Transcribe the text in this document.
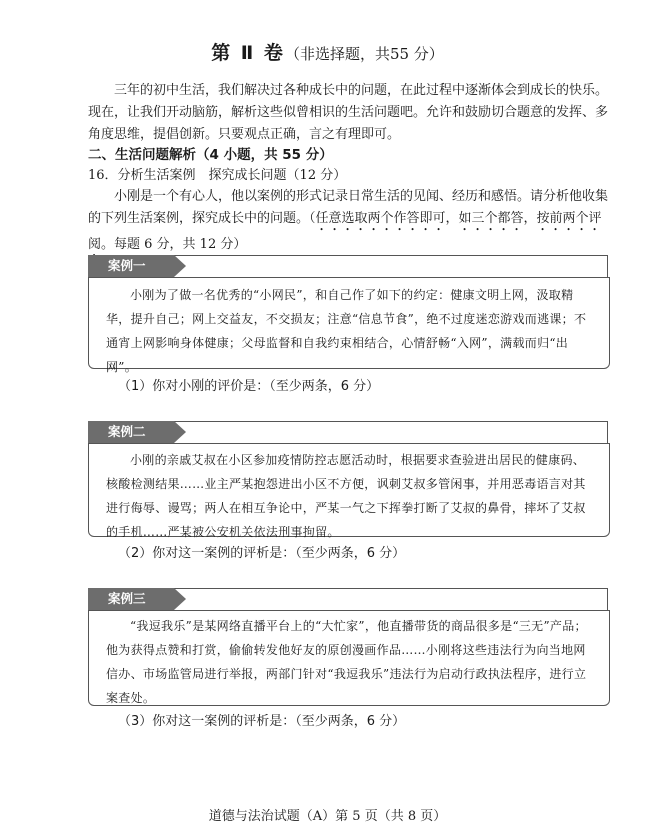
第 Ⅱ 卷（非选择题，共55 分）
三年的初中生活，我们解决过各种成长中的问题，在此过程中逐渐体会到成长的快乐。现在，让我们开动脑筋，解析这些似曾相识的生活问题吧。允许和鼓励切合题意的发挥、多角度思维，提倡创新。只要观点正确，言之有理即可。
二、生活问题解析（4 小题，共 55 分）
16．分析生活案例　探究成长问题（12 分）
小刚是一个有心人，他以案例的形式记录日常生活的见闻、经历和感悟。请分析他收集的下列生活案例，探究成长中的问题。（任意选取两个作答即可，如三个都答，按前两个评阅。每题 6 分，共 12 分）
案例一
小刚为了做一名优秀的“小网民”，和自己作了如下的约定：健康文明上网，汲取精华，提升自己；网上交益友，不交损友；注意“信息节食”，绝不过度迷恋游戏而逃课；不通宵上网影响身体健康；父母监督和自我约束相结合，心情舒畅“入网”，满载而归“出网”。
（1）你对小刚的评价是：（至少两条，6 分）
案例二
小刚的亲戚艾叔在小区参加疫情防控志愿活动时，根据要求查验进出居民的健康码、核酸检测结果……业主严某抱怨进出小区不方便，讽刺艾叔多管闲事，并用恶毒语言对其进行侮辱、谩骂；两人在相互争论中，严某一气之下挥拳打断了艾叔的鼻骨，摔坏了艾叔的手机……严某被公安机关依法刑事拘留。
（2）你对这一案例的评析是：（至少两条，6 分）
案例三
“我逗我乐”是某网络直播平台上的“大忙家”，他直播带货的商品很多是“三无”产品；他为获得点赞和打赏，偷偷转发他好友的原创漫画作品……小刚将这些违法行为向当地网信办、市场监管局进行举报，两部门针对“我逗我乐”违法行为启动行政执法程序，进行立案查处。
（3）你对这一案例的评析是：（至少两条，6 分）
道德与法治试题（A）第 5 页（共 8 页）
